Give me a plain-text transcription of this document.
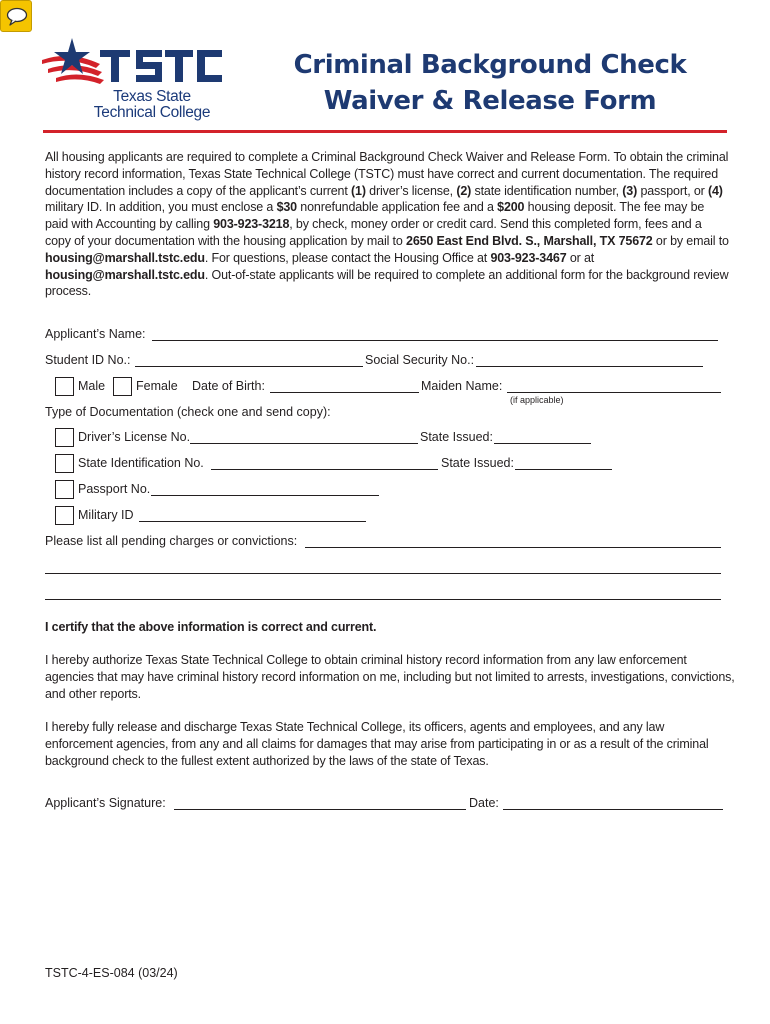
Texas State
Technical College
Criminal Background Check
Waiver & Release Form
All housing applicants are required to complete a Criminal Background Check Waiver and Release Form. To obtain the criminal history record information, Texas State Technical College (TSTC) must have correct and current documentation. The required documentation includes a copy of the applicant’s current (1) driver’s license, (2) state identification number, (3) passport, or (4) military ID. In addition, you must enclose a $30 nonrefundable application fee and a $200 housing deposit. The fee may be paid with Accounting by calling 903-923-3218, by check, money order or credit card. Send this completed form, fees and a copy of your documentation with the housing application by mail to 2650 East End Blvd. S., Marshall, TX 75672 or by email to housing@marshall.tstc.edu. For questions, please contact the Housing Office at 903-923-3467 or at housing@marshall.tstc.edu. Out-of-state applicants will be required to complete an additional form for the background review process.
Applicant’s Name:
Student ID No.:	Social Security No.:
Male Female Date of Birth:	Maiden Name:
(if applicable)
Type of Documentation (check one and send copy):
Driver’s License No.	State Issued:
State Identification No.	State Issued:
Passport No.
Military ID
Please list all pending charges or convictions:
I certify that the above information is correct and current.
I hereby authorize Texas State Technical College to obtain criminal history record information from any law enforcement agencies that may have criminal history record information on me, including but not limited to arrests, investigations, convictions, and other reports.
I hereby fully release and discharge Texas State Technical College, its officers, agents and employees, and any law enforcement agencies, from any and all claims for damages that may arise from participating in or as a result of the criminal background check to the fullest extent authorized by the laws of the state of Texas.
Applicant’s Signature:	Date:
TSTC-4-ES-084 (03/24)
